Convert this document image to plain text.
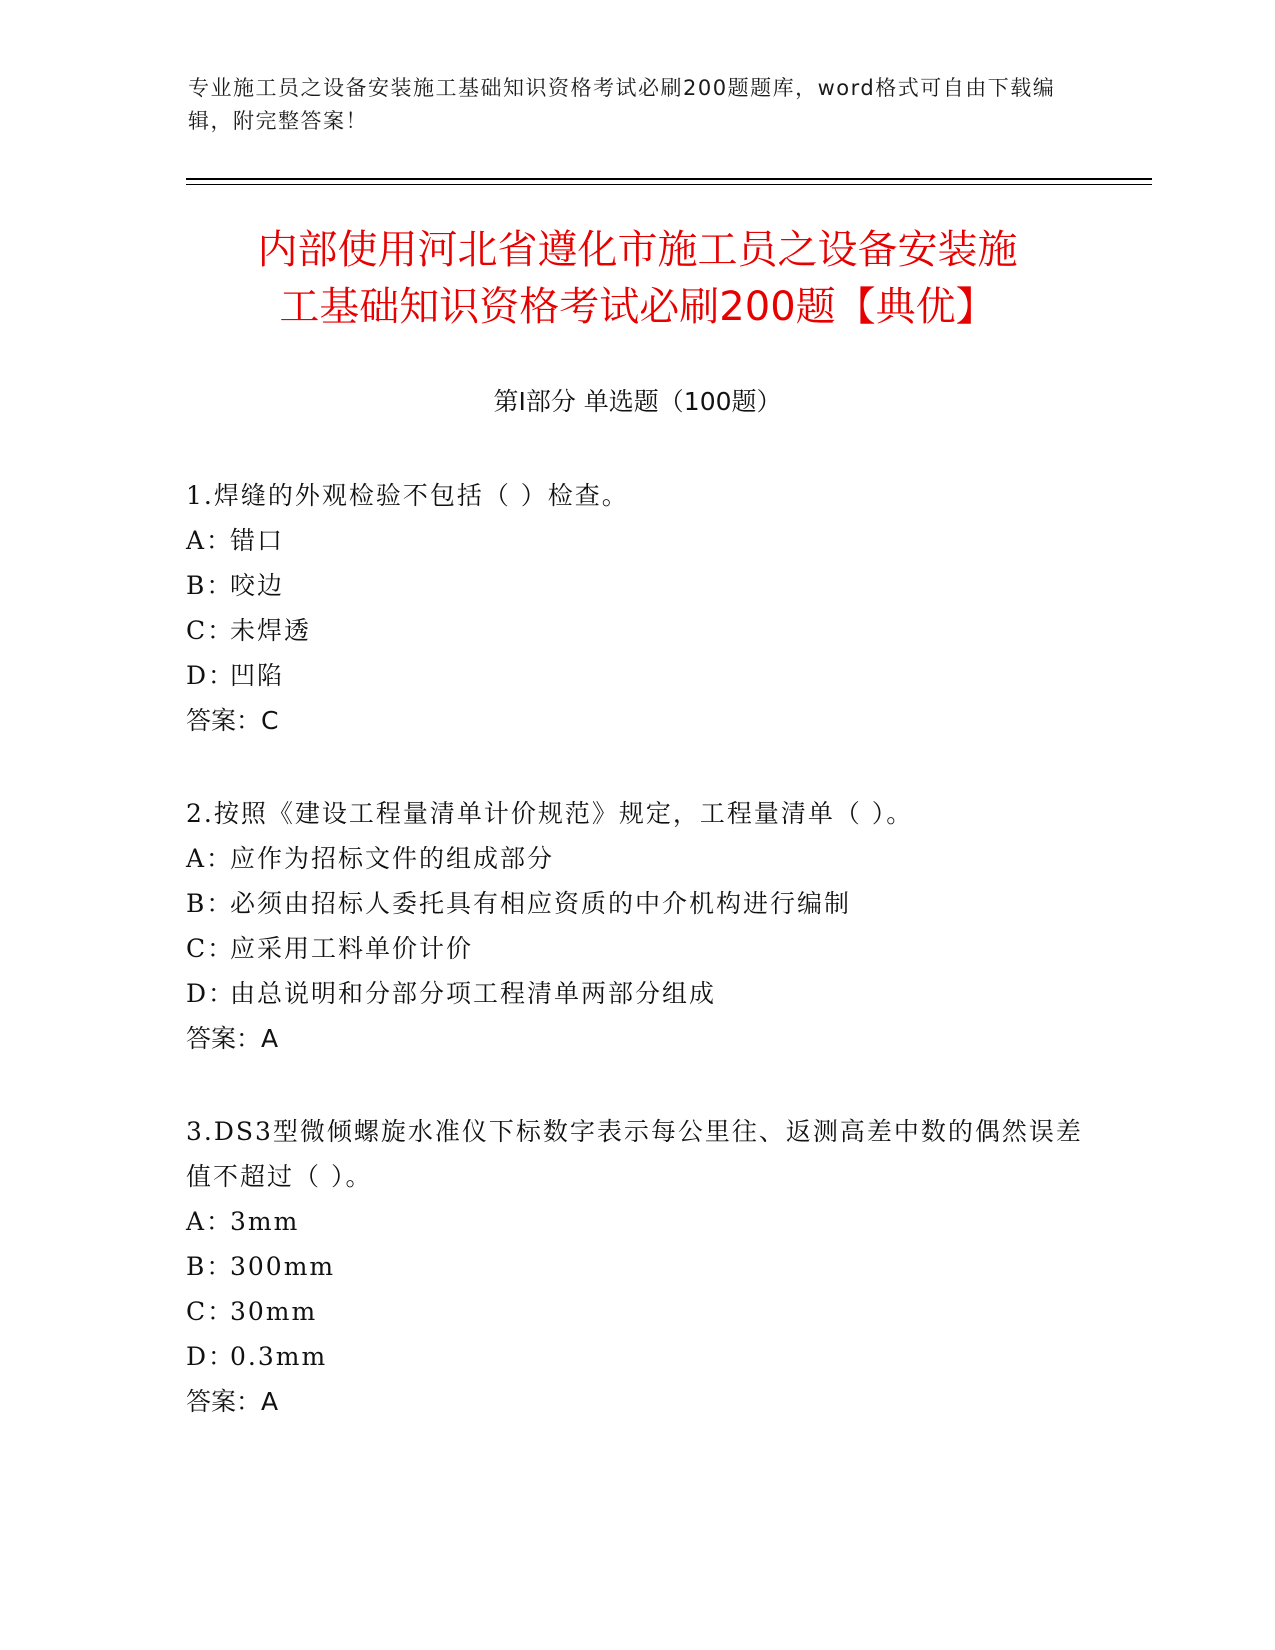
专业施工员之设备安装施工基础知识资格考试必刷200题题库，word格式可自由下载编辑，附完整答案！
内部使用河北省遵化市施工员之设备安装施
工基础知识资格考试必刷200题【典优】
第I部分 单选题（100题）

1.焊缝的外观检验不包括（ ）检查。

A：错口

B：咬边

C：未焊透

D：凹陷

答案：C

2.按照《建设工程量清单计价规范》规定，工程量清单（ ）。

A：应作为招标文件的组成部分

B：必须由招标人委托具有相应资质的中介机构进行编制

C：应采用工料单价计价

D：由总说明和分部分项工程清单两部分组成

答案：A

3.DS3型微倾螺旋水准仪下标数字表示每公里往、返测高差中数的偶然误差值不超过（ ）。

A：3mm

B：300mm

C：30mm

D：0.3mm

答案：A
